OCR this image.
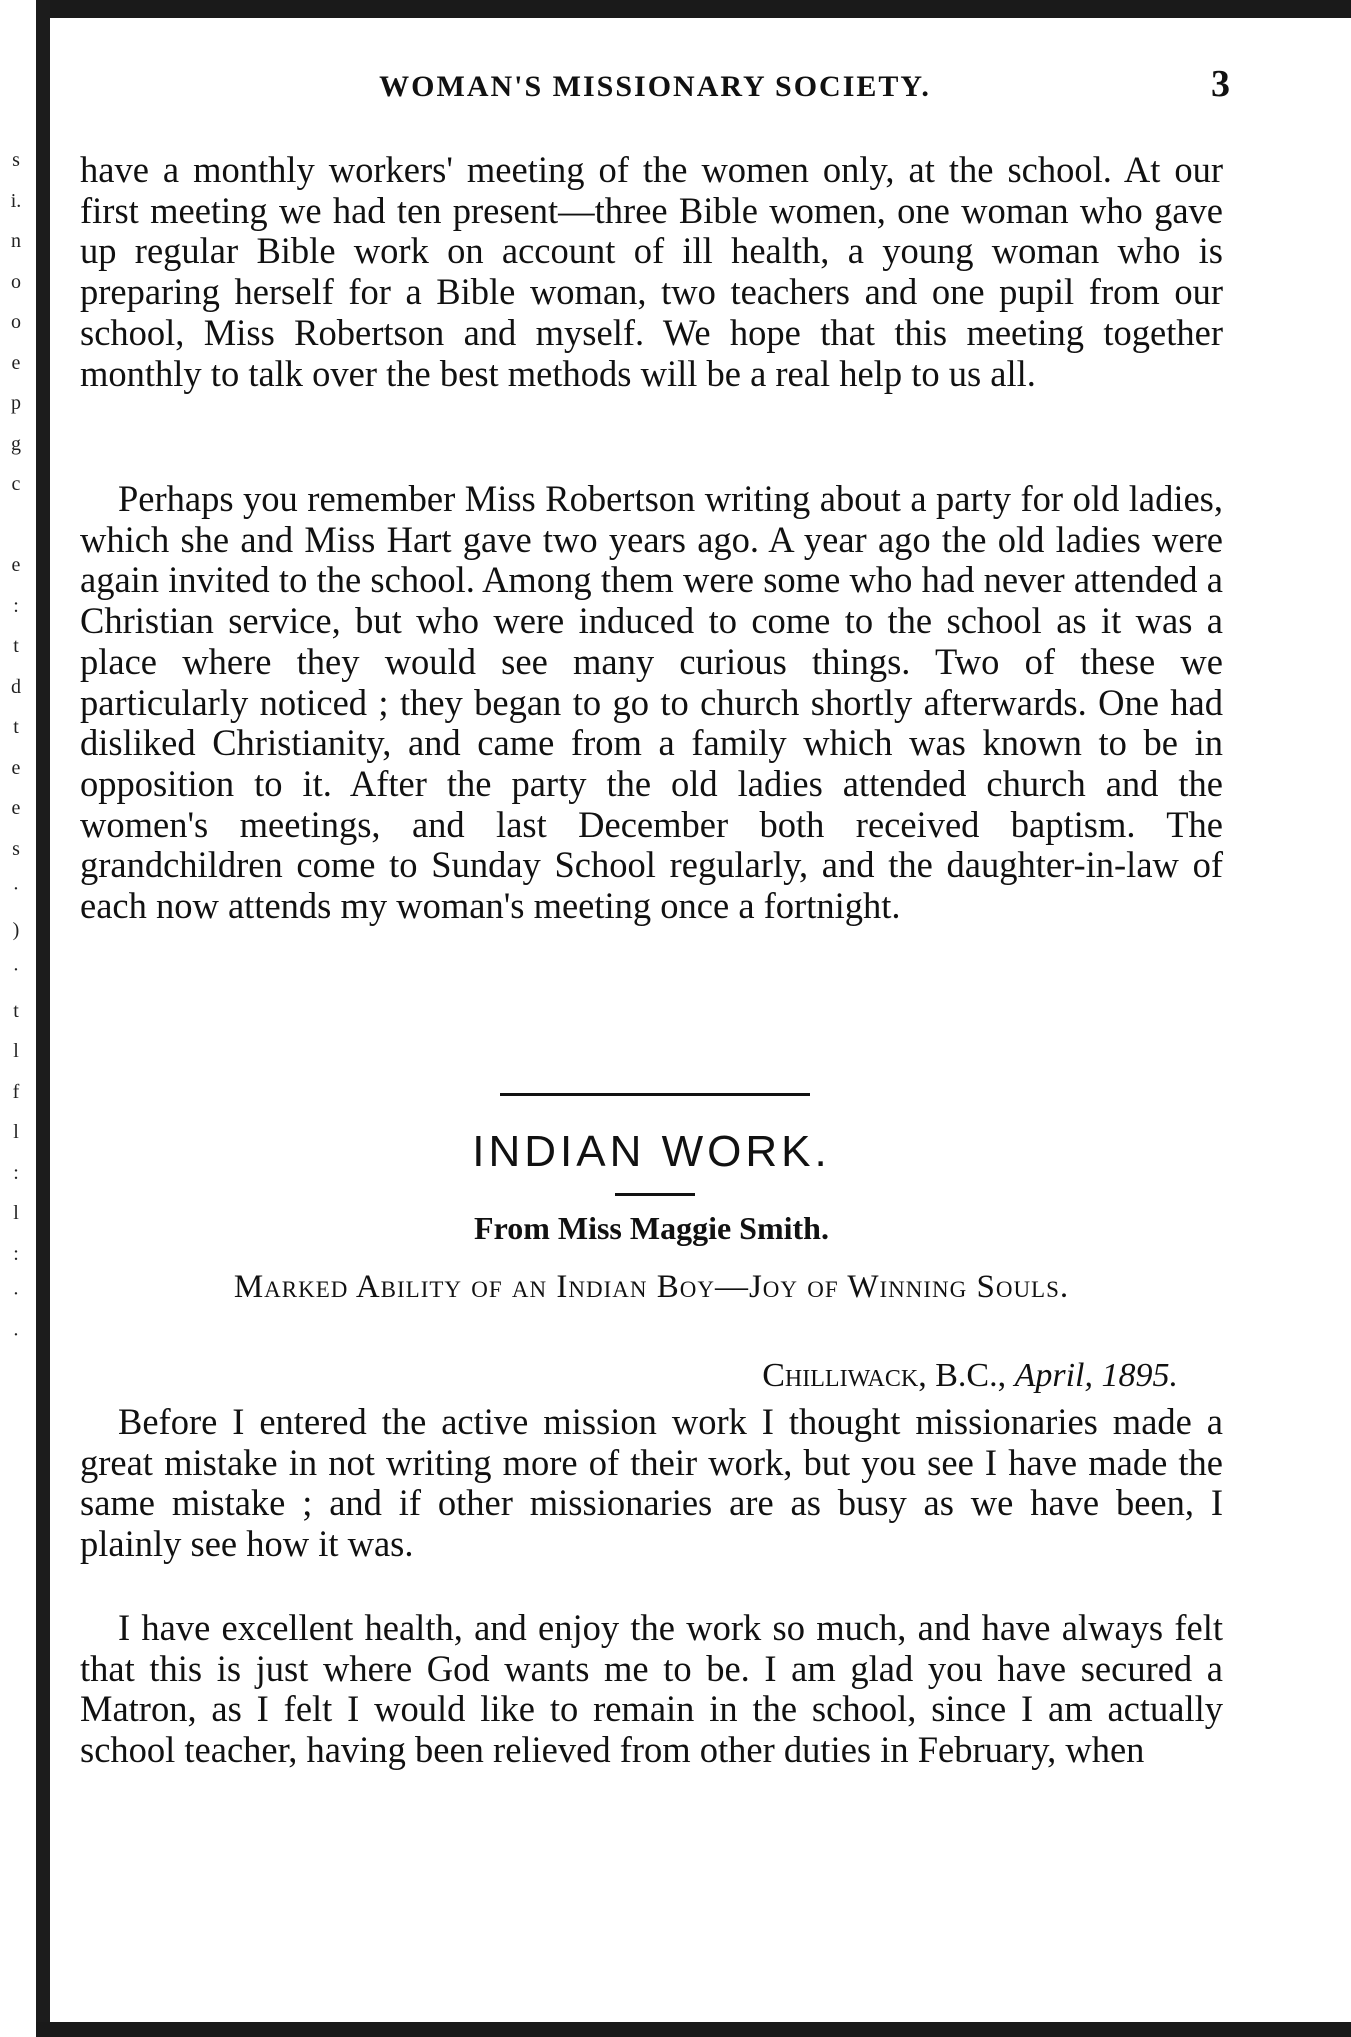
s
i.
n
o
o
e
p
g
c

e
:
t
d
t
e
e
s
·
)
·
t
l
f
l
:
l
:
·
·
WOMAN'S MISSIONARY SOCIETY.	3

have a monthly workers' meeting of the women only, at the school. At our first meeting we had ten present—three Bible women, one woman who gave up regular Bible work on account of ill health, a young woman who is preparing herself for a Bible woman, two teachers and one pupil from our school, Miss Robertson and myself. We hope that this meeting together monthly to talk over the best methods will be a real help to us all.

Perhaps you remember Miss Robertson writing about a party for old ladies, which she and Miss Hart gave two years ago. A year ago the old ladies were again invited to the school. Among them were some who had never attended a Christian service, but who were induced to come to the school as it was a place where they would see many curious things. Two of these we particularly noticed ; they began to go to church shortly afterwards. One had disliked Christianity, and came from a family which was known to be in opposition to it. After the party the old ladies attended church and the women's meetings, and last December both received baptism. The grandchildren come to Sunday School regularly, and the daughter-in-law of each now attends my woman's meeting once a fortnight.

INDIAN WORK.
From Miss Maggie Smith.
Marked Ability of an Indian Boy—Joy of Winning Souls.
Chilliwack, B.C., April, 1895.

Before I entered the active mission work I thought missionaries made a great mistake in not writing more of their work, but you see I have made the same mistake ; and if other missionaries are as busy as we have been, I plainly see how it was.

I have excellent health, and enjoy the work so much, and have always felt that this is just where God wants me to be. I am glad you have secured a Matron, as I felt I would like to remain in the school, since I am actually school teacher, having been relieved from other duties in February, when
